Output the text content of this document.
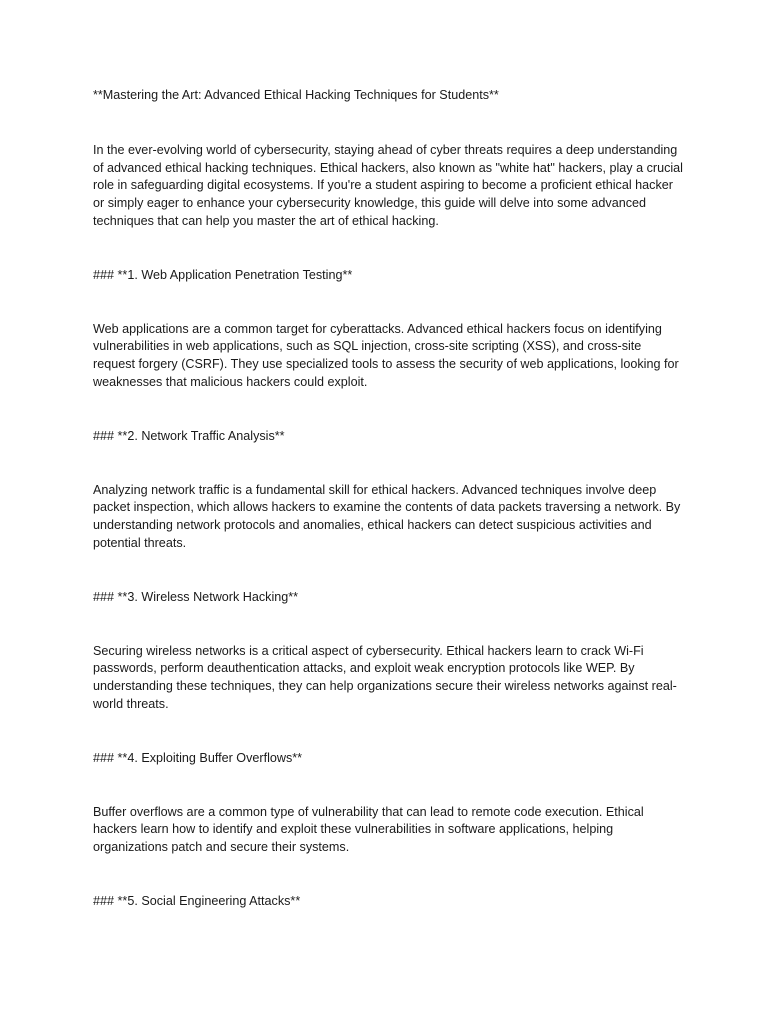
**Mastering the Art: Advanced Ethical Hacking Techniques for Students**

In the ever-evolving world of cybersecurity, staying ahead of cyber threats requires a deep understanding of advanced ethical hacking techniques. Ethical hackers, also known as "white hat" hackers, play a crucial role in safeguarding digital ecosystems. If you're a student aspiring to become a proficient ethical hacker or simply eager to enhance your cybersecurity knowledge, this guide will delve into some advanced techniques that can help you master the art of ethical hacking.

### **1. Web Application Penetration Testing**

Web applications are a common target for cyberattacks. Advanced ethical hackers focus on identifying vulnerabilities in web applications, such as SQL injection, cross-site scripting (XSS), and cross-site request forgery (CSRF). They use specialized tools to assess the security of web applications, looking for weaknesses that malicious hackers could exploit.

### **2. Network Traffic Analysis**

Analyzing network traffic is a fundamental skill for ethical hackers. Advanced techniques involve deep packet inspection, which allows hackers to examine the contents of data packets traversing a network. By understanding network protocols and anomalies, ethical hackers can detect suspicious activities and potential threats.

### **3. Wireless Network Hacking**

Securing wireless networks is a critical aspect of cybersecurity. Ethical hackers learn to crack Wi-Fi passwords, perform deauthentication attacks, and exploit weak encryption protocols like WEP. By understanding these techniques, they can help organizations secure their wireless networks against real-world threats.

### **4. Exploiting Buffer Overflows**

Buffer overflows are a common type of vulnerability that can lead to remote code execution. Ethical hackers learn how to identify and exploit these vulnerabilities in software applications, helping organizations patch and secure their systems.

### **5. Social Engineering Attacks**
